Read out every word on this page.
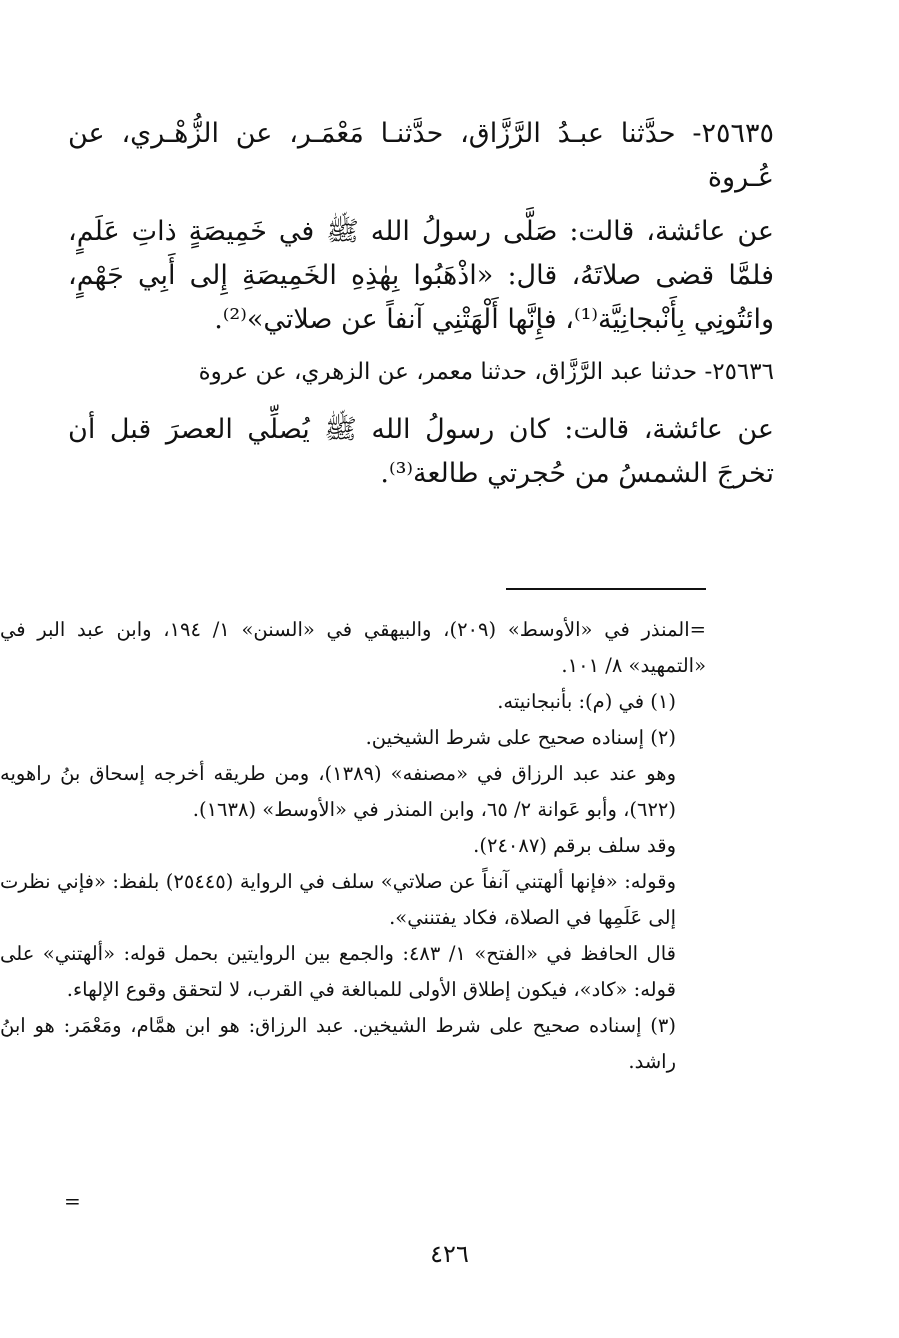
٢٥٦٣٥- حدَّثنا عبـدُ الرَّزَّاق، حدَّثنـا مَعْمَـر، عن الزُّهْـري، عن عُـروة

عن عائشة، قالت: صَلَّى رسولُ الله ﷺ في خَمِيصَةٍ ذاتِ عَلَمٍ، فلمَّا قضى صلاتَهُ، قال: «اذْهَبُوا بِهٰذِهِ الخَمِيصَةِ إِلى أَبِي جَهْمٍ، وائتُونِي بِأَنْبجانِيَّة⁽¹⁾، فإِنَّها أَلْهَتْنِي آنفاً عن صلاتي»⁽²⁾.

٢٥٦٣٦- حدثنا عبد الرَّزَّاق، حدثنا معمر، عن الزهري، عن عروة

عن عائشة، قالت: كان رسولُ الله ﷺ يُصلِّي العصرَ قبل أن تخرجَ الشمسُ من حُجرتي طالعة⁽³⁾.

=المنذر في «الأوسط» (٢٠٩)، والبيهقي في «السنن» ١/ ١٩٤، وابن عبد البر في «التمهيد» ٨/ ١٠١.

(١) في (م): بأنبجانيته.

(٢) إسناده صحيح على شرط الشيخين.

وهو عند عبد الرزاق في «مصنفه» (١٣٨٩)، ومن طريقه أخرجه إسحاق بنُ راهويه (٦٢٢)، وأبو عَوانة ٢/ ٦٥، وابن المنذر في «الأوسط» (١٦٣٨).

وقد سلف برقم (٢٤٠٨٧).

وقوله: «فإنها ألهتني آنفاً عن صلاتي» سلف في الرواية (٢٥٤٤٥) بلفظ: «فإني نظرت إلى عَلَمِها في الصلاة، فكاد يفتنني».

قال الحافظ في «الفتح» ١/ ٤٨٣: والجمع بين الروايتين بحمل قوله: «ألهتني» على قوله: «كاد»، فيكون إطلاق الأولى للمبالغة في القرب، لا لتحقق وقوع الإلهاء.

(٣) إسناده صحيح على شرط الشيخين. عبد الرزاق: هو ابن همَّام، ومَعْمَر: هو ابنُ راشد.

=
٤٢٦
